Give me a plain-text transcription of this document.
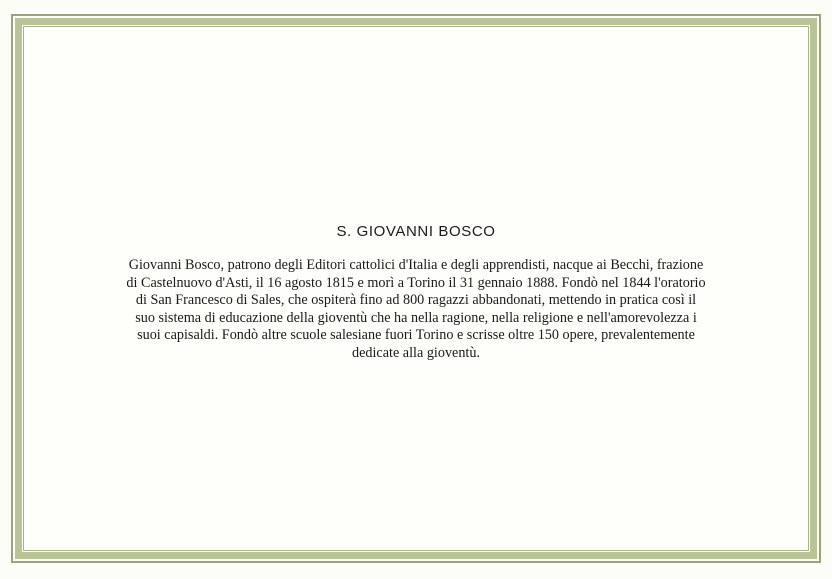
S. GIOVANNI BOSCO

Giovanni Bosco, patrono degli Editori cattolici d'Italia e degli apprendisti, nacque ai Becchi, frazione
di Castelnuovo d'Asti, il 16 agosto 1815 e morì a Torino il 31 gennaio 1888. Fondò nel 1844 l'oratorio
di San Francesco di Sales, che ospiterà fino ad 800 ragazzi abbandonati, mettendo in pratica così il
suo sistema di educazione della gioventù che ha nella ragione, nella religione e nell'amorevolezza i
suoi capisaldi. Fondò altre scuole salesiane fuori Torino e scrisse oltre 150 opere, prevalentemente
dedicate alla gioventù.
